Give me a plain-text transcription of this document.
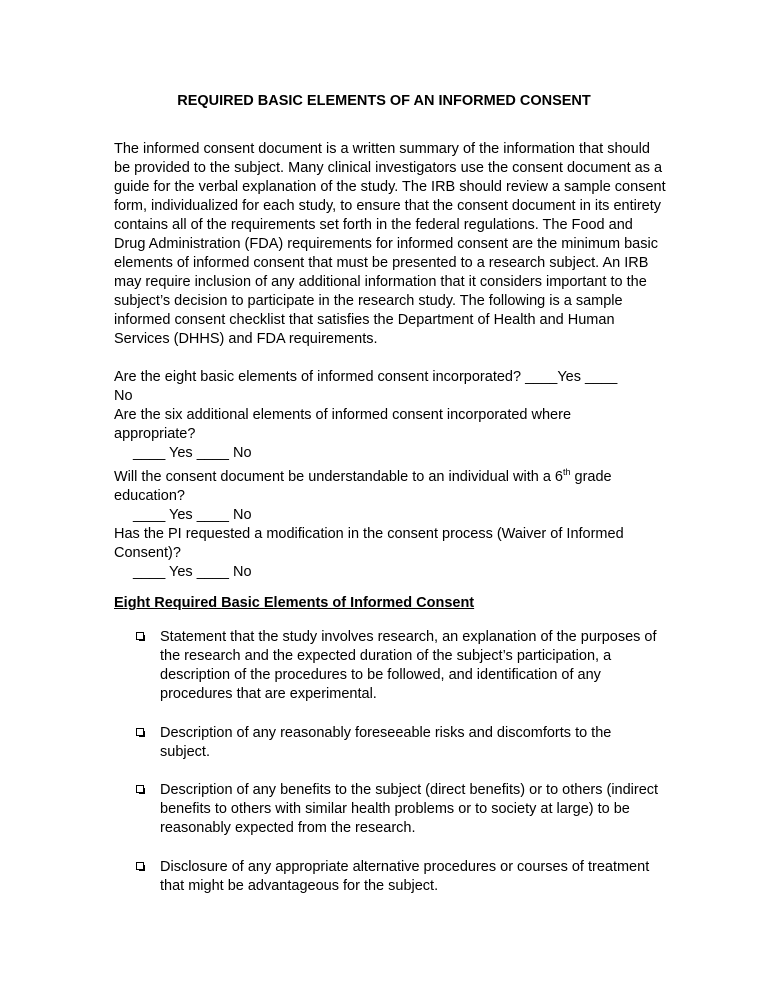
REQUIRED BASIC ELEMENTS OF AN INFORMED CONSENT

The informed consent document is a written summary of the information that should be provided to the subject. Many clinical investigators use the consent document as a guide for the verbal explanation of the study. The IRB should review a sample consent form, individualized for each study, to ensure that the consent document in its entirety contains all of the requirements set forth in the federal regulations. The Food and Drug Administration (FDA) requirements for informed consent are the minimum basic elements of informed consent that must be presented to a research subject. An IRB may require inclusion of any additional information that it considers important to the subject’s decision to participate in the research study. The following is a sample informed consent checklist that satisfies the Department of Health and Human Services (DHHS) and FDA requirements.

Are the eight basic elements of informed consent incorporated? ____Yes ____
No
Are the six additional elements of informed consent incorporated where
appropriate?
____ Yes ____ No
Will the consent document be understandable to an individual with a 6th grade
education?
____ Yes ____ No
Has the PI requested a modification in the consent process (Waiver of Informed
Consent)?
____ Yes ____ No
Eight Required Basic Elements of Informed Consent
Statement that the study involves research, an explanation of the purposes of the research and the expected duration of the subject’s participation, a description of the procedures to be followed, and identification of any procedures that are experimental.
Description of any reasonably foreseeable risks and discomforts to the subject.
Description of any benefits to the subject (direct benefits) or to others (indirect benefits to others with similar health problems or to society at large) to be reasonably expected from the research.
Disclosure of any appropriate alternative procedures or courses of treatment that might be advantageous for the subject.
